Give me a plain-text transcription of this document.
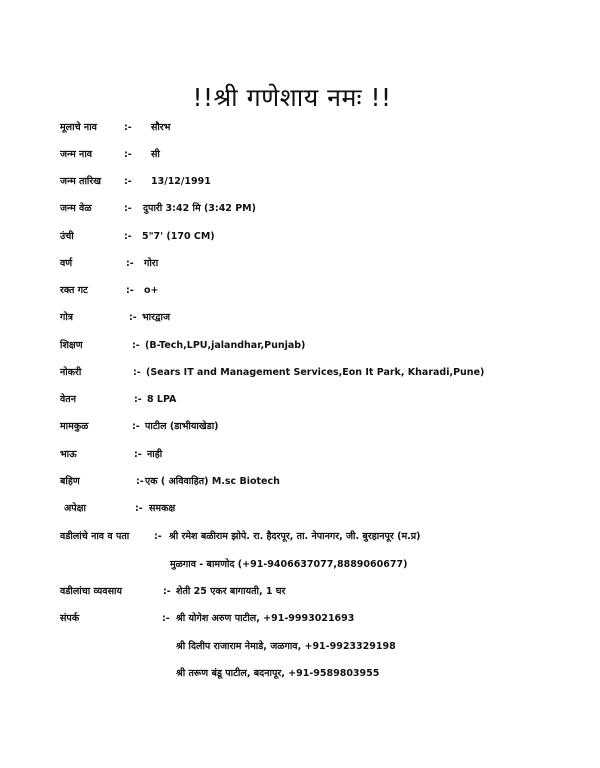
!!श्री गणेशाय नमः !!
मूलाचे नाव	:- सौरभ
जन्म नाव	:- सी
जन्म तारिख :- 13/12/1991
जन्म वेळ	:- दुपारी 3:42 मि (3:42 PM)
उंची	:- 5"7' (170 CM)
वर्ण	:- गोरा
रक्त गट	:- o+
गोत्र	:- भारद्वाज
शिक्षण	:- (B-Tech,LPU,jalandhar,Punjab)
नोकरी	:- (Sears IT and Management Services,Eon It Park, Kharadi,Pune)
वेतन	:- 8 LPA
मामकुळ	:- पाटील (डाभीयाखेडा)
भाऊ	:- नाही
बहिण	:- एक ( अविवाहित) M.sc Biotech
अपेक्षा	:- समकक्ष
वडीलांचे नाव व पता	:- श्री रमेश बळीराम झोपे. रा. हैदरपूर, ता. नेपानगर, जी. बुरहानपूर (म.प्र)
मुळगाव - बामणोद (+91-9406637077,8889060677)
वडीलांचा व्यवसाय	:- शेती 25 एकर बागायती, 1 घर
संपर्क	:- श्री योगेश अरुण पाटील, +91-9993021693
श्री दिलीप राजाराम नेमाडे, जळगाव, +91-9923329198
श्री तरूण बंडू पाटील, बदनापूर, +91-9589803955
